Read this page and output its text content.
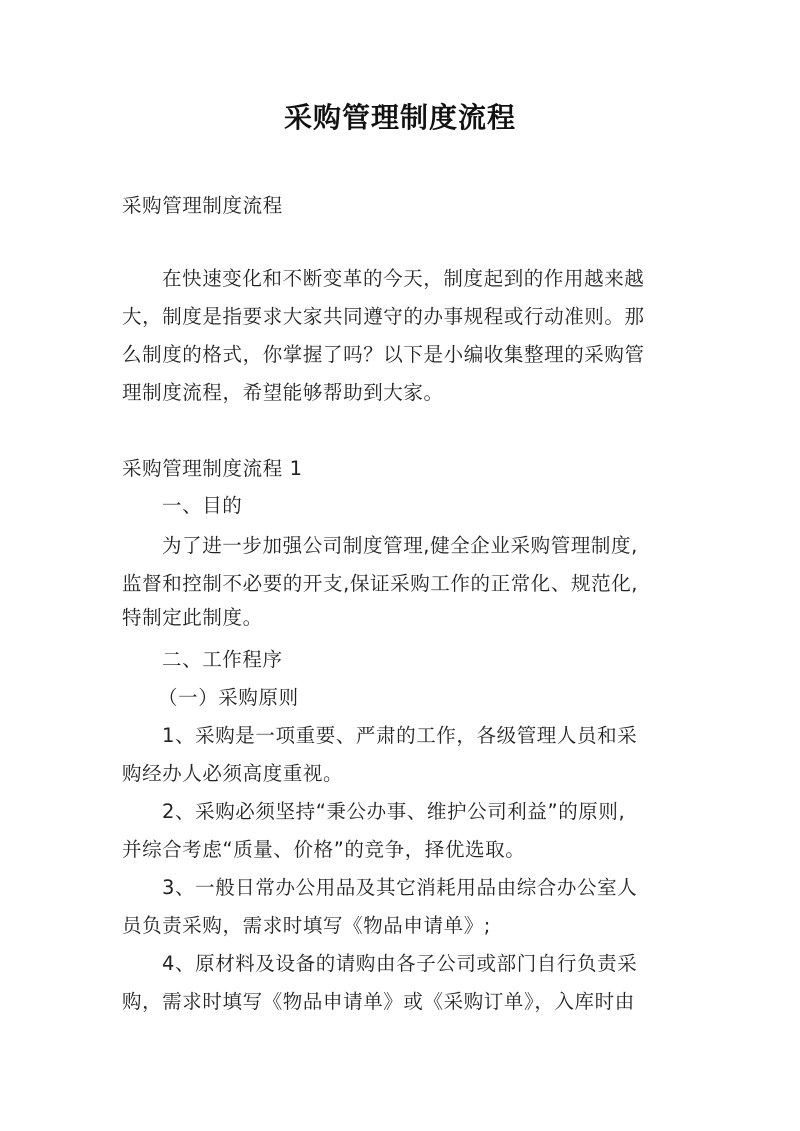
采购管理制度流程
采购管理制度流程
在快速变化和不断变革的今天，制度起到的作用越来越
大，制度是指要求大家共同遵守的办事规程或行动准则。那
么制度的格式，你掌握了吗？以下是小编收集整理的采购管
理制度流程，希望能够帮助到大家。
采购管理制度流程 1
一、目的
为了进一步加强公司制度管理,健全企业采购管理制度,
监督和控制不必要的开支,保证采购工作的正常化、规范化,
特制定此制度。
二、工作程序
（一）采购原则
1、采购是一项重要、严肃的工作，各级管理人员和采
购经办人必须高度重视。
2、采购必须坚持“秉公办事、维护公司利益”的原则,
并综合考虑“质量、价格”的竞争，择优选取。
3、一般日常办公用品及其它消耗用品由综合办公室人
员负责采购，需求时填写《物品申请单》;
4、原材料及设备的请购由各子公司或部门自行负责采
购，需求时填写《物品申请单》或《采购订单》，入库时由
